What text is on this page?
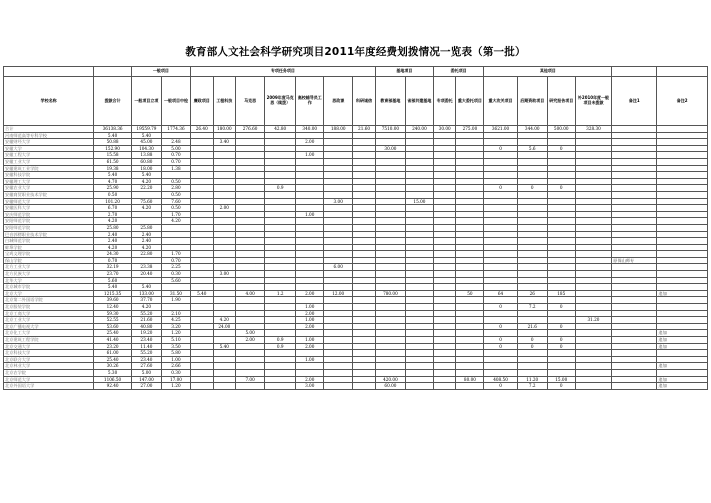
教育部人文社会科学研究项目2011年度经费划拨情况一览表（第一批）
		一般项目		专项任务项目							基地项目		委托项目		其他项目					
学校名称	拨款合计	一般项目立项	一般项目中检	廉政项目	工程科技	马克思	2009年度马克思（续拨）	高校辅导员工作	思政课	科研诚信	教育部基地	省部共建基地	专项委托	重大委托项目	重大攻关项目	后期资助项目	研究报告项目	补2010年度一般项目未拨款	备注1	备注2
合计	36138.36	19559.79	1774.36	26.40	180.00	276.60	42.80	340.00	188.00	21.60	7510.00	240.00	30.00	275.00	3621.00	344.00	500.00	328.30		
河南师范高等专科学校	5.40	5.40																		
安徽财经大学	50.88	45.00	2.48		3.40			2.00												
安徽大学	152.90	104.30	5.00								30.00				0	5.6	0			
安徽工程大学	15.58	13.88	0.70					1.00												
安徽工业大学	61.50	60.80	0.70																	
安徽建筑工业学院	19.38	18.00	1.38																	
安徽科技学院	5.40	5.40																		
安徽理工大学	4.70	4.20	0.50																	
安徽农业大学	25.90	22.20	2.80				0.9								0	0	0			
安徽商贸职业技术学院	0.50		0.50																	
安徽师范大学	101.20	75.60	7.60						3.00			15.00								
安徽医科大学	6.70	4.20	0.50		2.00															
安庆师范学院	2.70		1.70					1.00												
安阳师范学院	4.20		4.20																	
安阳师范学院	25.80	25.80																		
巴音郭楞职业技术学院	2.40	2.40																		
白城师范学院	2.40	2.40																		
蚌埠学院	4.20	4.20																		
宝鸡文理学院	24.30	22.80	1.70																	
保山学院	0.70		0.70																原保山师专	
北方工业大学	32.19	23.38	2.25						6.00											
北方民族大学	23.70	20.40	0.30		3.00															
北华大学	5.60		5.60																	
北京城市学院	5.40	5.40																		
北京大学	1215.35	133.00	31.50	5.40		4.00	1.2	2.00	12.00		780.00			50	64	26	185			追加
北京第二外国语学院	39.60	37.70	1.90																	
北京服装学院	12.40	4.20						1.00							0	7.2	0			
北京工商大学	59.30	55.20	2.10					2.00												
北京工业大学	52.55	21.60	4.25		4.20			1.00										31.20		
北京广播电视大学	53.60	40.80	3.20		24.00			2.00							0	21.6	0			
北京化工大学	25.40	19.20	1.20			5.00														追加
北京建筑工程学院	41.40	23.40	5.10			2.00	0.9	1.00							0	0	0			追加
北京交通大学	23.20	11.40	3.50		5.40		0.9	2.00							0	0	0			追加
北京科技大学	61.00	55.20	5.80																	
北京联合大学	25.40	23.40	1.00					1.00												
北京林业大学	30.26	27.60	2.66																	追加
北京农学院	5.30	5.00	0.30																	
北京师范大学	1106.50	147.00	17.00			7.00		2.00			420.00			80.00	408.50	11.20	15.00			追加
北京外国语大学	92.40	27.00	1.20					3.00			60.00				0	7.2	0			追加
